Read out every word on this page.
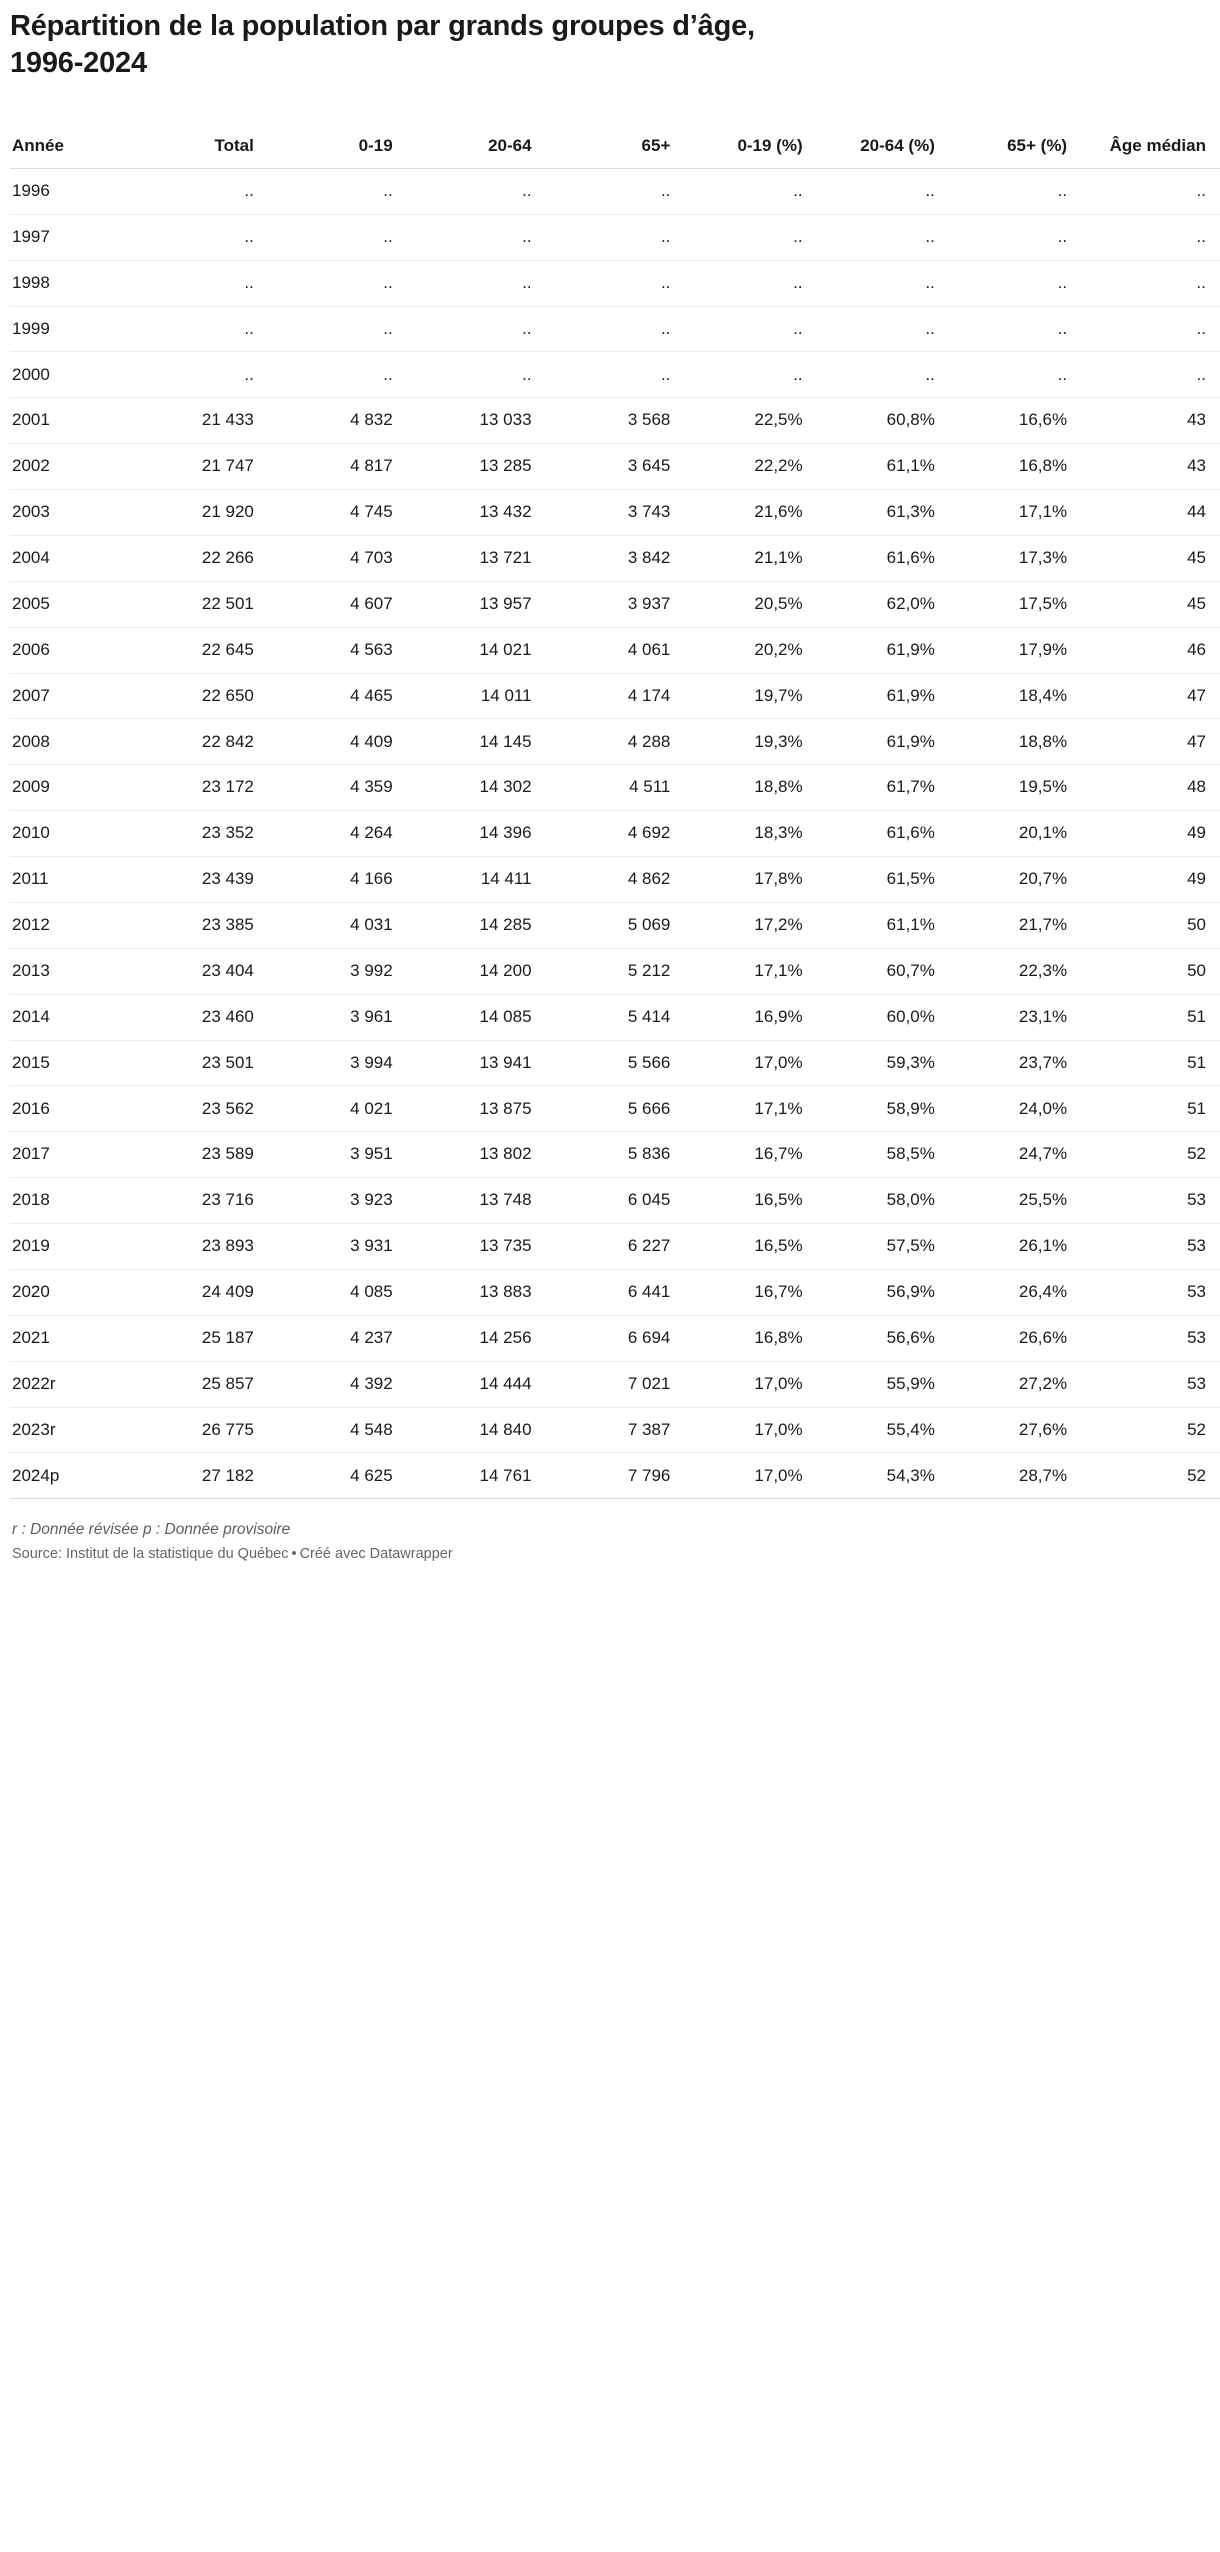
Répartition de la population par grands groupes d’âge, 1996-2024
Année	Total	0-19	20-64	65+	0-19 (%)	20-64 (%)	65+ (%)	Âge médian
1996	..	..	..	..	..	..	..	..
1997	..	..	..	..	..	..	..	..
1998	..	..	..	..	..	..	..	..
1999	..	..	..	..	..	..	..	..
2000	..	..	..	..	..	..	..	..
2001	21 433	4 832	13 033	3 568	22,5%	60,8%	16,6%	43
2002	21 747	4 817	13 285	3 645	22,2%	61,1%	16,8%	43
2003	21 920	4 745	13 432	3 743	21,6%	61,3%	17,1%	44
2004	22 266	4 703	13 721	3 842	21,1%	61,6%	17,3%	45
2005	22 501	4 607	13 957	3 937	20,5%	62,0%	17,5%	45
2006	22 645	4 563	14 021	4 061	20,2%	61,9%	17,9%	46
2007	22 650	4 465	14 011	4 174	19,7%	61,9%	18,4%	47
2008	22 842	4 409	14 145	4 288	19,3%	61,9%	18,8%	47
2009	23 172	4 359	14 302	4 511	18,8%	61,7%	19,5%	48
2010	23 352	4 264	14 396	4 692	18,3%	61,6%	20,1%	49
2011	23 439	4 166	14 411	4 862	17,8%	61,5%	20,7%	49
2012	23 385	4 031	14 285	5 069	17,2%	61,1%	21,7%	50
2013	23 404	3 992	14 200	5 212	17,1%	60,7%	22,3%	50
2014	23 460	3 961	14 085	5 414	16,9%	60,0%	23,1%	51
2015	23 501	3 994	13 941	5 566	17,0%	59,3%	23,7%	51
2016	23 562	4 021	13 875	5 666	17,1%	58,9%	24,0%	51
2017	23 589	3 951	13 802	5 836	16,7%	58,5%	24,7%	52
2018	23 716	3 923	13 748	6 045	16,5%	58,0%	25,5%	53
2019	23 893	3 931	13 735	6 227	16,5%	57,5%	26,1%	53
2020	24 409	4 085	13 883	6 441	16,7%	56,9%	26,4%	53
2021	25 187	4 237	14 256	6 694	16,8%	56,6%	26,6%	53
2022r	25 857	4 392	14 444	7 021	17,0%	55,9%	27,2%	53
2023r	26 775	4 548	14 840	7 387	17,0%	55,4%	27,6%	52
2024p	27 182	4 625	14 761	7 796	17,0%	54,3%	28,7%	52

r : Donnée révisée p : Donnée provisoire

Source: Institut de la statistique du Québec • Créé avec Datawrapper
